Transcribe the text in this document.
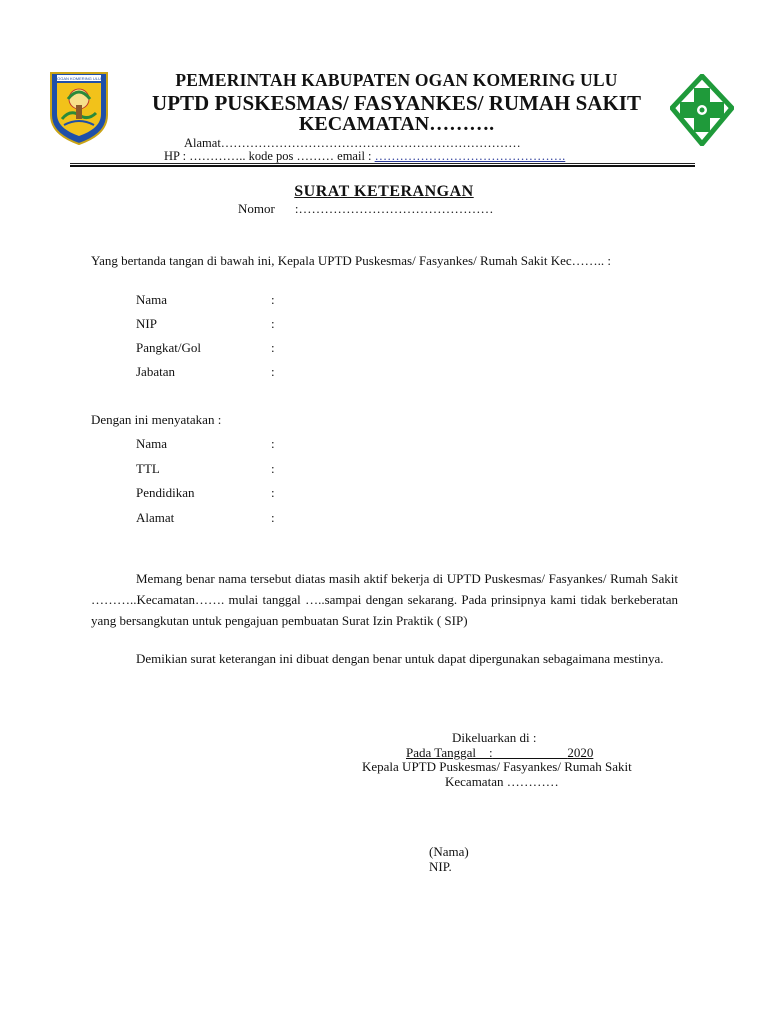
OGAN KOMERING ULU	PEMERINTAH KABUPATEN OGAN KOMERING ULU
UPTD PUSKESMAS/ FASYANKES/ RUMAH SAKIT
KECAMATAN……….
Alamat………………………………………………………………
HP : ………….. kode pos ……… email : ……………………………………….
SURAT KETERANGAN
Nomor :………………………………………
Yang bertanda tangan di bawah ini, Kepala UPTD Puskesmas/ Fasyankes/ Rumah Sakit Kec…….. :
Nama	:
NIP	:
Pangkat/Gol	:
Jabatan	:
Dengan ini menyatakan :
Nama	:
TTL	:
Pendidikan	:
Alamat	:
Memang benar nama tersebut diatas masih aktif bekerja di UPTD Puskesmas/ Fasyankes/ Rumah Sakit ………..Kecamatan……. mulai tanggal …..sampai dengan sekarang. Pada prinsipnya kami tidak berkeberatan yang bersangkutan untuk pengajuan pembuatan Surat Izin Praktik ( SIP)
Demikian surat keterangan ini dibuat dengan benar untuk dapat dipergunakan sebagaimana mestinya.
Dikeluarkan di :
Pada Tanggal    :	2020
Kepala UPTD Puskesmas/ Fasyankes/ Rumah Sakit
Kecamatan …………
(Nama)
NIP.
